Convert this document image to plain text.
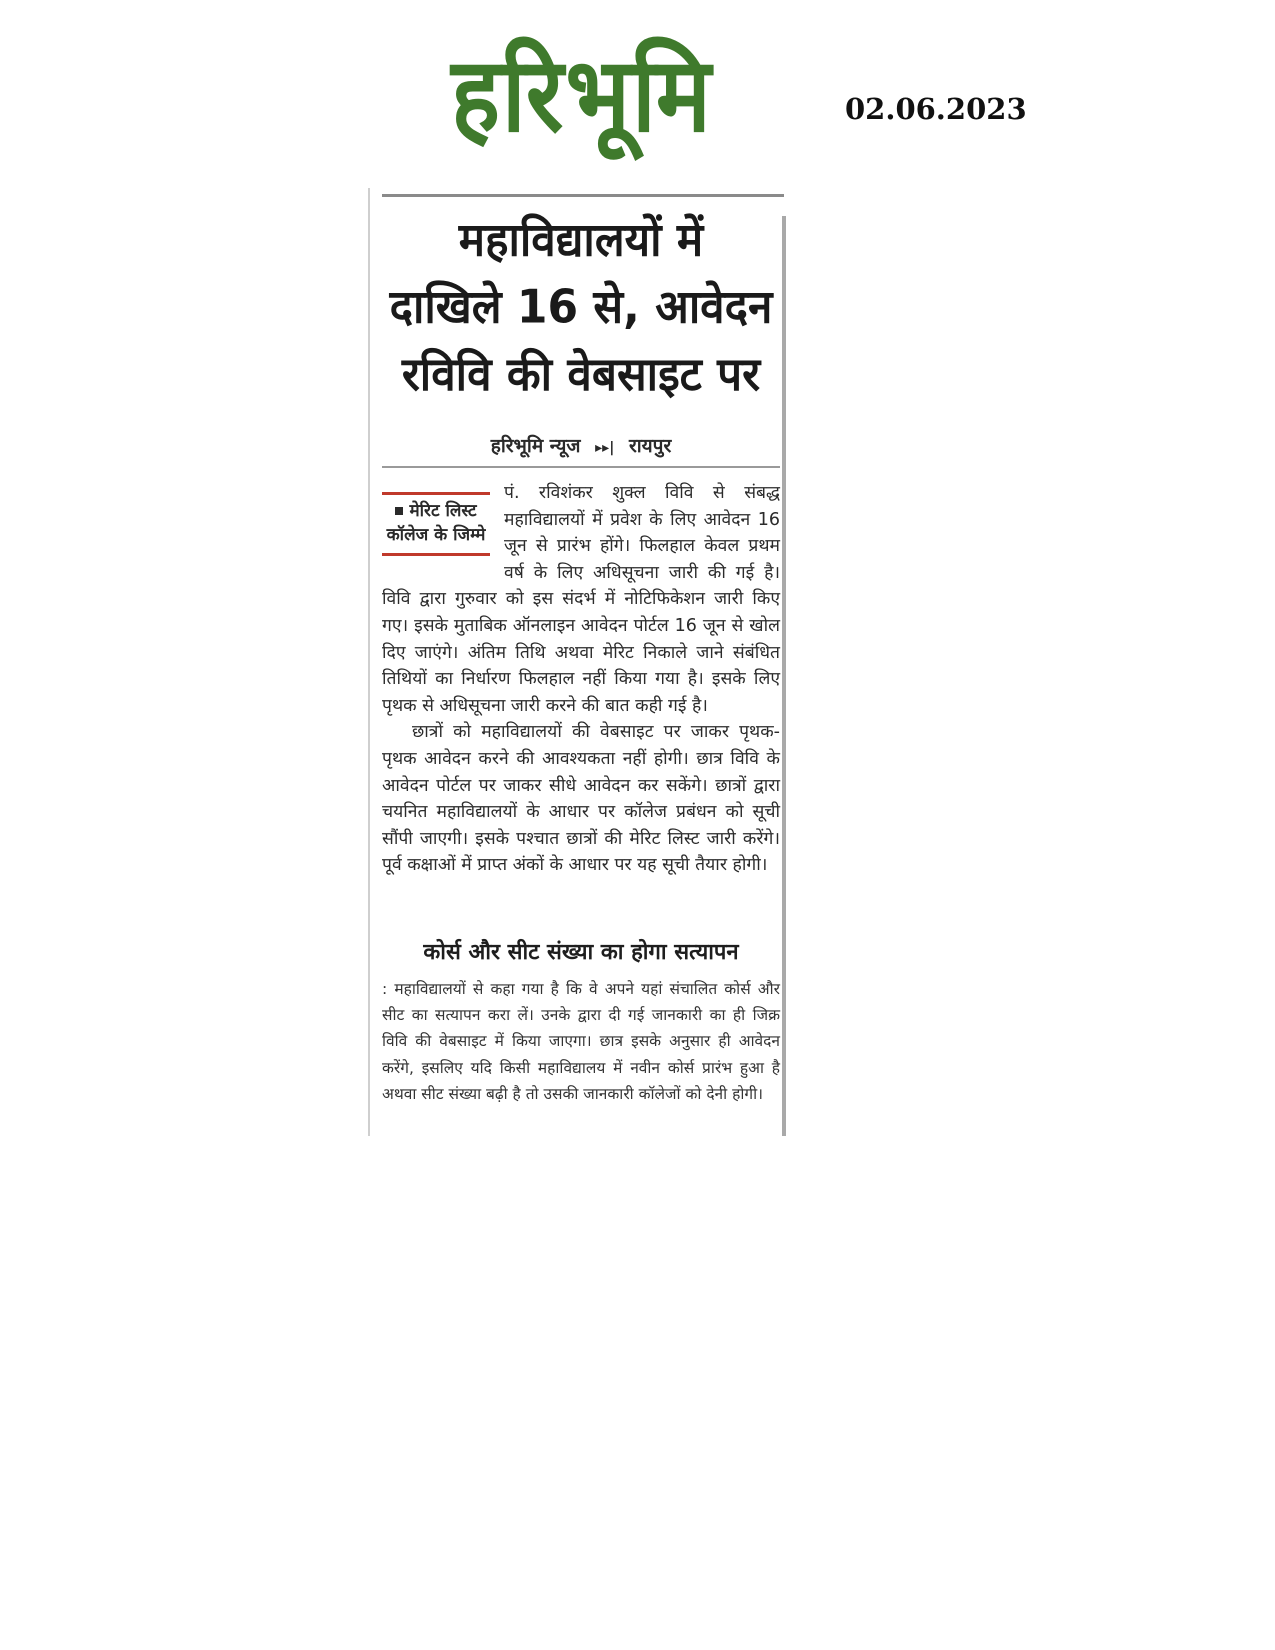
हरिभूमि	02.06.2023
महाविद्यालयों में
दाखिले 16 से, आवेदन
रविवि की वेबसाइट पर
हरिभूमि न्यूज ▸▸| रायपुर
मेरिट लिस्ट कॉलेज के जिम्मे

पं. रविशंकर शुक्ल विवि से संबद्ध महाविद्यालयों में प्रवेश के लिए आवेदन 16 जून से प्रारंभ होंगे। फिलहाल केवल प्रथम वर्ष के लिए अधिसूचना जारी की गई है। विवि द्वारा गुरुवार को इस संदर्भ में नोटिफिकेशन जारी किए गए। इसके मुताबिक ऑनलाइन आवेदन पोर्टल 16 जून से खोल दिए जाएंगे। अंतिम तिथि अथवा मेरिट निकाले जाने संबंधित तिथियों का निर्धारण फिलहाल नहीं किया गया है। इसके लिए पृथक से अधिसूचना जारी करने की बात कही गई है।

छात्रों को महाविद्यालयों की वेबसाइट पर जाकर पृथक-पृथक आवेदन करने की आवश्यकता नहीं होगी। छात्र विवि के आवेदन पोर्टल पर जाकर सीधे आवेदन कर सकेंगे। छात्रों द्वारा चयनित महाविद्यालयों के आधार पर कॉलेज प्रबंधन को सूची सौंपी जाएगी। इसके पश्चात छात्रों की मेरिट लिस्ट जारी करेंगे। पूर्व कक्षाओं में प्राप्त अंकों के आधार पर यह सूची तैयार होगी।

कोर्स और सीट संख्या का होगा सत्यापन

: महाविद्यालयों से कहा गया है कि वे अपने यहां संचालित कोर्स और सीट का सत्यापन करा लें। उनके द्वारा दी गई जानकारी का ही जिक्र विवि की वेबसाइट में किया जाएगा। छात्र इसके अनुसार ही आवेदन करेंगे, इसलिए यदि किसी महाविद्यालय में नवीन कोर्स प्रारंभ हुआ है अथवा सीट संख्या बढ़ी है तो उसकी जानकारी कॉलेजों को देनी होगी।
